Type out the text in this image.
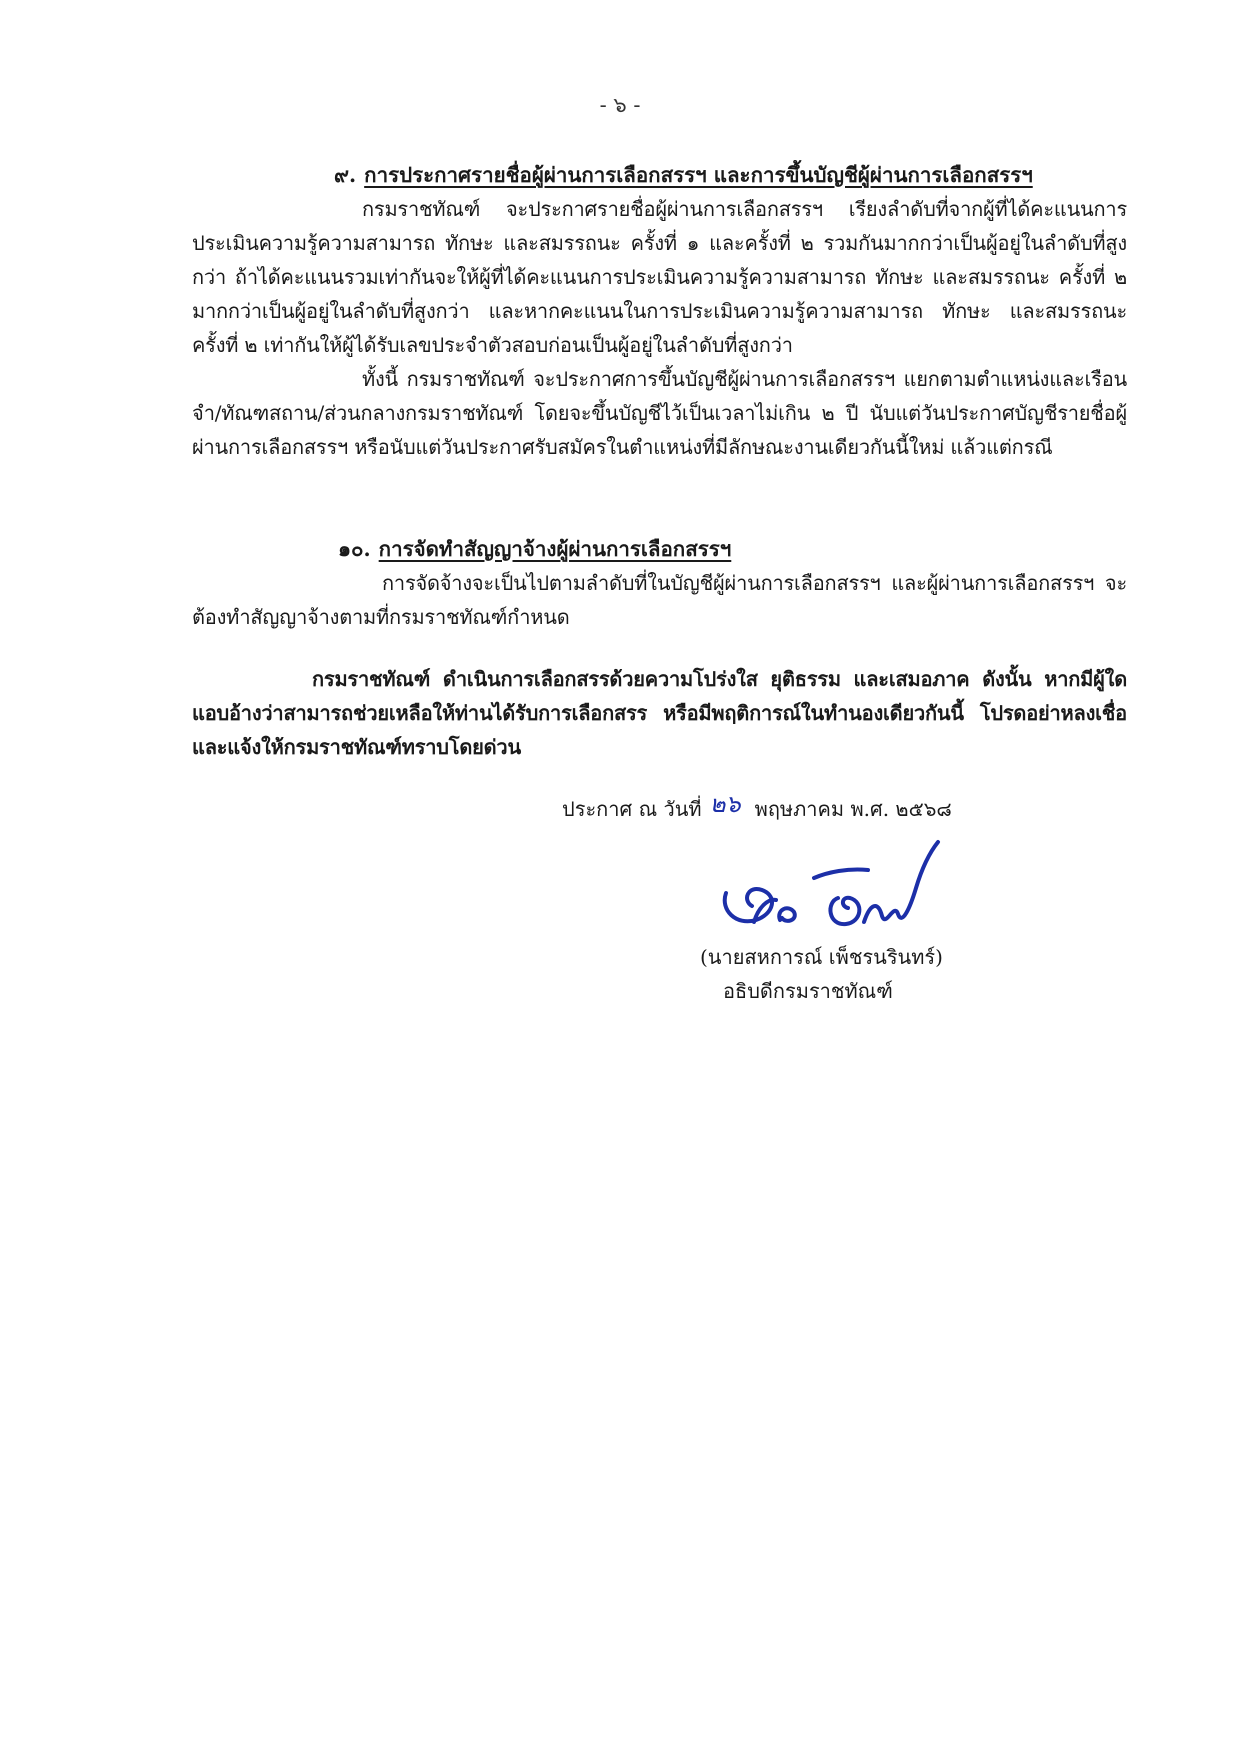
- ๖ -
๙. การประกาศรายชื่อผู้ผ่านการเลือกสรรฯ และการขึ้นบัญชีผู้ผ่านการเลือกสรรฯ

กรมราชทัณฑ์ จะประกาศรายชื่อผู้ผ่านการเลือกสรรฯ เรียงลำดับที่จากผู้ที่ได้คะแนนการประเมินความรู้ความสามารถ ทักษะ และสมรรถนะ ครั้งที่ ๑ และครั้งที่ ๒ รวมกันมากกว่าเป็นผู้อยู่ในลำดับที่สูงกว่า ถ้าได้คะแนนรวมเท่ากันจะให้ผู้ที่ได้คะแนนการประเมินความรู้ความสามารถ ทักษะ และสมรรถนะ ครั้งที่ ๒ มากกว่าเป็นผู้อยู่ในลำดับที่สูงกว่า และหากคะแนนในการประเมินความรู้ความสามารถ ทักษะ และสมรรถนะ ครั้งที่ ๒ เท่ากันให้ผู้ได้รับเลขประจำตัวสอบก่อนเป็นผู้อยู่ในลำดับที่สูงกว่า

ทั้งนี้ กรมราชทัณฑ์ จะประกาศการขึ้นบัญชีผู้ผ่านการเลือกสรรฯ แยกตามตำแหน่งและเรือนจำ/ทัณฑสถาน/ส่วนกลางกรมราชทัณฑ์ โดยจะขึ้นบัญชีไว้เป็นเวลาไม่เกิน ๒ ปี นับแต่วันประกาศบัญชีรายชื่อผู้ผ่านการเลือกสรรฯ หรือนับแต่วันประกาศรับสมัครในตำแหน่งที่มีลักษณะงานเดียวกันนี้ใหม่ แล้วแต่กรณี

๑๐. การจัดทำสัญญาจ้างผู้ผ่านการเลือกสรรฯ

การจัดจ้างจะเป็นไปตามลำดับที่ในบัญชีผู้ผ่านการเลือกสรรฯ และผู้ผ่านการเลือกสรรฯ จะต้องทำสัญญาจ้างตามที่กรมราชทัณฑ์กำหนด

กรมราชทัณฑ์ ดำเนินการเลือกสรรด้วยความโปร่งใส ยุติธรรม และเสมอภาค ดังนั้น หากมีผู้ใด แอบอ้างว่าสามารถช่วยเหลือให้ท่านได้รับการเลือกสรร หรือมีพฤติการณ์ในทำนองเดียวกันนี้ โปรดอย่าหลงเชื่อ และแจ้งให้กรมราชทัณฑ์ทราบโดยด่วน

ประกาศ ณ วันที่ ๒๖ พฤษภาคม พ.ศ. ๒๕๖๘
(นายสหการณ์ เพ็ชรนรินทร์)
อธิบดีกรมราชทัณฑ์
